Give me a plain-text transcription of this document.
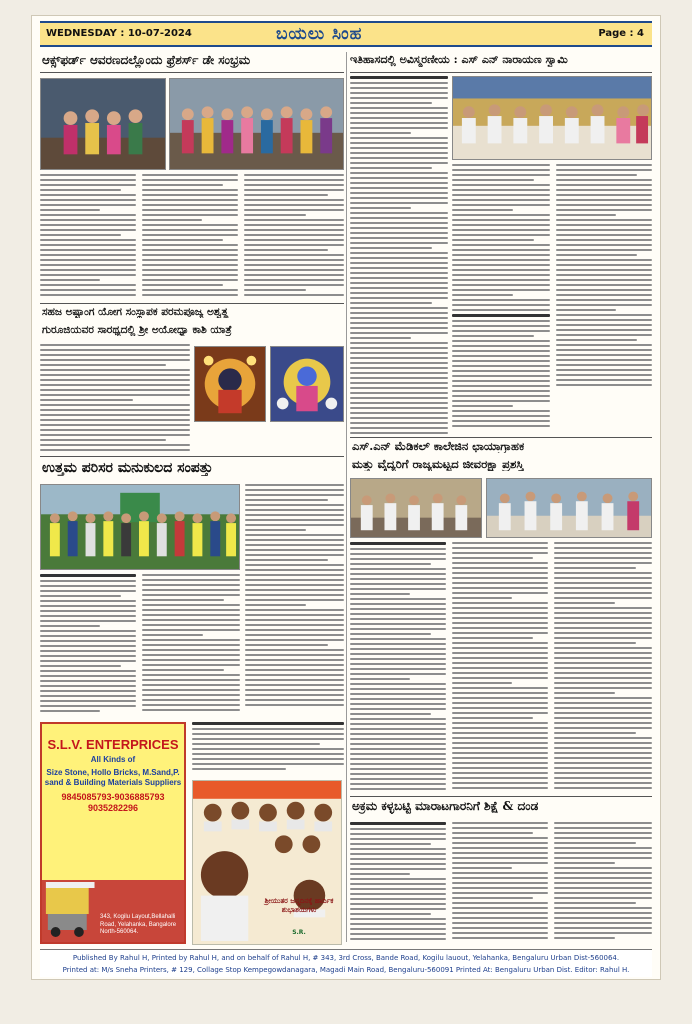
WEDNESDAY : 10-07-2024	ಬಯಲು ಸಿಂಹ	Page : 4
ಆಕ್ಸ್‌ಫರ್ಡ್ ಆವರಣದಲ್ಲೊಂದು ಫ್ರೆಶರ್ಸ್ ಡೇ ಸಂಭ್ರಮ
ಸಹಜ ಅಷ್ಟಾಂಗ ಯೋಗ ಸಂಸ್ಥಾಪಕ ಪರಮಪೂಜ್ಯ ಅಶ್ವತ್ಥ
ಗುರೂಜಿಯವರ ಸಾರಥ್ಯದಲ್ಲಿ ಶ್ರೀ ಅಯೋಧ್ಯಾ ಕಾಶಿ ಯಾತ್ರೆ
ಉತ್ತಮ ಪರಿಸರ ಮನುಕುಲದ ಸಂಪತ್ತು
S.L.V. ENTERPRICES
All Kinds of
Size Stone, Hollo Bricks, M.Sand,P. sand & Building Materials Suppliers
9845085793-9036885793
9035282296
343, Kogilu Layout,Bellahalli Road, Yelahanka, Bangalore North-560064.
ಶ್ರೀಯುತರ ಜನ್ಮದಿನಕ್ಕೆ ಹಾರ್ದಿಕ ಶುಭಾಶಯಗಳು
S.R.
ಇತಿಹಾಸದಲ್ಲಿ ಅವಿಸ್ಮರಣೀಯ : ಎಸ್ ಎನ್ ನಾರಾಯಣ ಸ್ವಾಮಿ
ಎಸ್.ಎನ್ ಮೆಡಿಕಲ್ ಕಾಲೇಜಿನ ಛಾಯಾಗ್ರಾಹಕ
ಮತ್ತು ವೈದ್ಯರಿಗೆ ರಾಜ್ಯಮಟ್ಟದ ಜೀವರಕ್ಷಾ ಪ್ರಶಸ್ತಿ
ಅಕ್ರಮ ಕಳ್ಳಬಟ್ಟಿ ಮಾರಾಟಗಾರನಿಗೆ ಶಿಕ್ಷೆ & ದಂಡ
Published By Rahul H, Printed by Rahul H, and on behalf of Rahul H, # 343, 3rd Cross, Bande Road, Kogilu lauout, Yelahanka, Bengaluru Urban Dist-560064.
Printed at: M/s Sneha Printers, # 129, Collage Stop Kempegowdanagara, Magadi Main Road, Bengaluru-560091 Printed At: Bengaluru Urban Dist. Editor: Rahul H.
